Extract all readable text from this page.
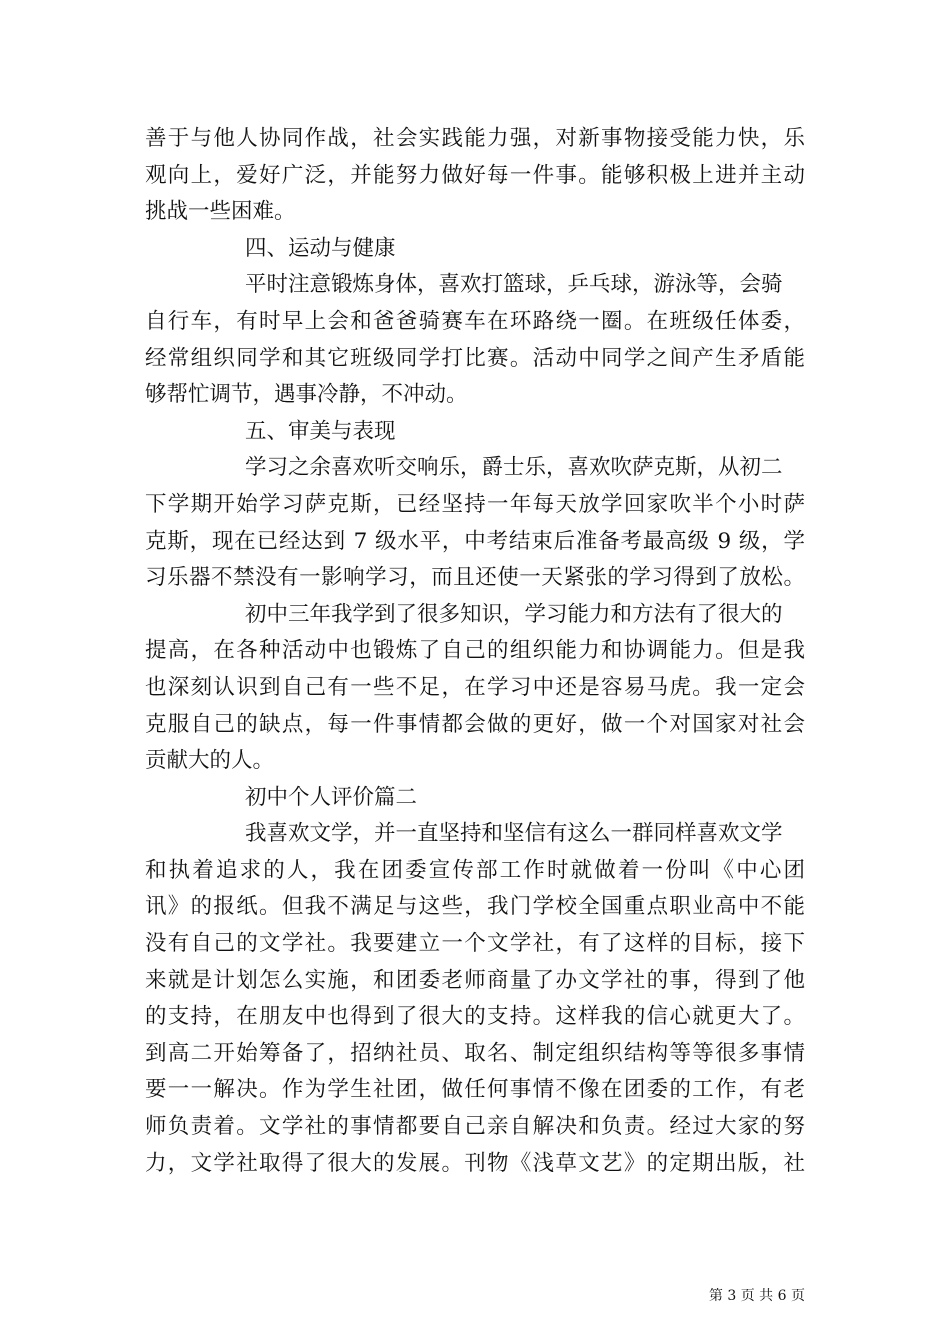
善于与他人协同作战，社会实践能力强，对新事物接受能力快，乐
观向上，爱好广泛，并能努力做好每一件事。能够积极上进并主动
挑战一些困难。
四、运动与健康
平时注意锻炼身体，喜欢打篮球，乒乓球，游泳等，会骑
自行车，有时早上会和爸爸骑赛车在环路绕一圈。在班级任体委，
经常组织同学和其它班级同学打比赛。活动中同学之间产生矛盾能
够帮忙调节，遇事冷静，不冲动。
五、审美与表现
学习之余喜欢听交响乐，爵士乐，喜欢吹萨克斯，从初二
下学期开始学习萨克斯，已经坚持一年每天放学回家吹半个小时萨
克斯，现在已经达到 7 级水平，中考结束后准备考最高级 9 级，学
习乐器不禁没有一影响学习，而且还使一天紧张的学习得到了放松。
初中三年我学到了很多知识，学习能力和方法有了很大的
提高，在各种活动中也锻炼了自己的组织能力和协调能力。但是我
也深刻认识到自己有一些不足，在学习中还是容易马虎。我一定会
克服自己的缺点，每一件事情都会做的更好，做一个对国家对社会
贡献大的人。
初中个人评价篇二
我喜欢文学，并一直坚持和坚信有这么一群同样喜欢文学
和执着追求的人，我在团委宣传部工作时就做着一份叫《中心团
讯》的报纸。但我不满足与这些，我门学校全国重点职业高中不能
没有自己的文学社。我要建立一个文学社，有了这样的目标，接下
来就是计划怎么实施，和团委老师商量了办文学社的事，得到了他
的支持，在朋友中也得到了很大的支持。这样我的信心就更大了。
到高二开始筹备了，招纳社员、取名、制定组织结构等等很多事情
要一一解决。作为学生社团，做任何事情不像在团委的工作，有老
师负责着。文学社的事情都要自己亲自解决和负责。经过大家的努
力，文学社取得了很大的发展。刊物《浅草文艺》的定期出版，社
第 3 页 共 6 页
